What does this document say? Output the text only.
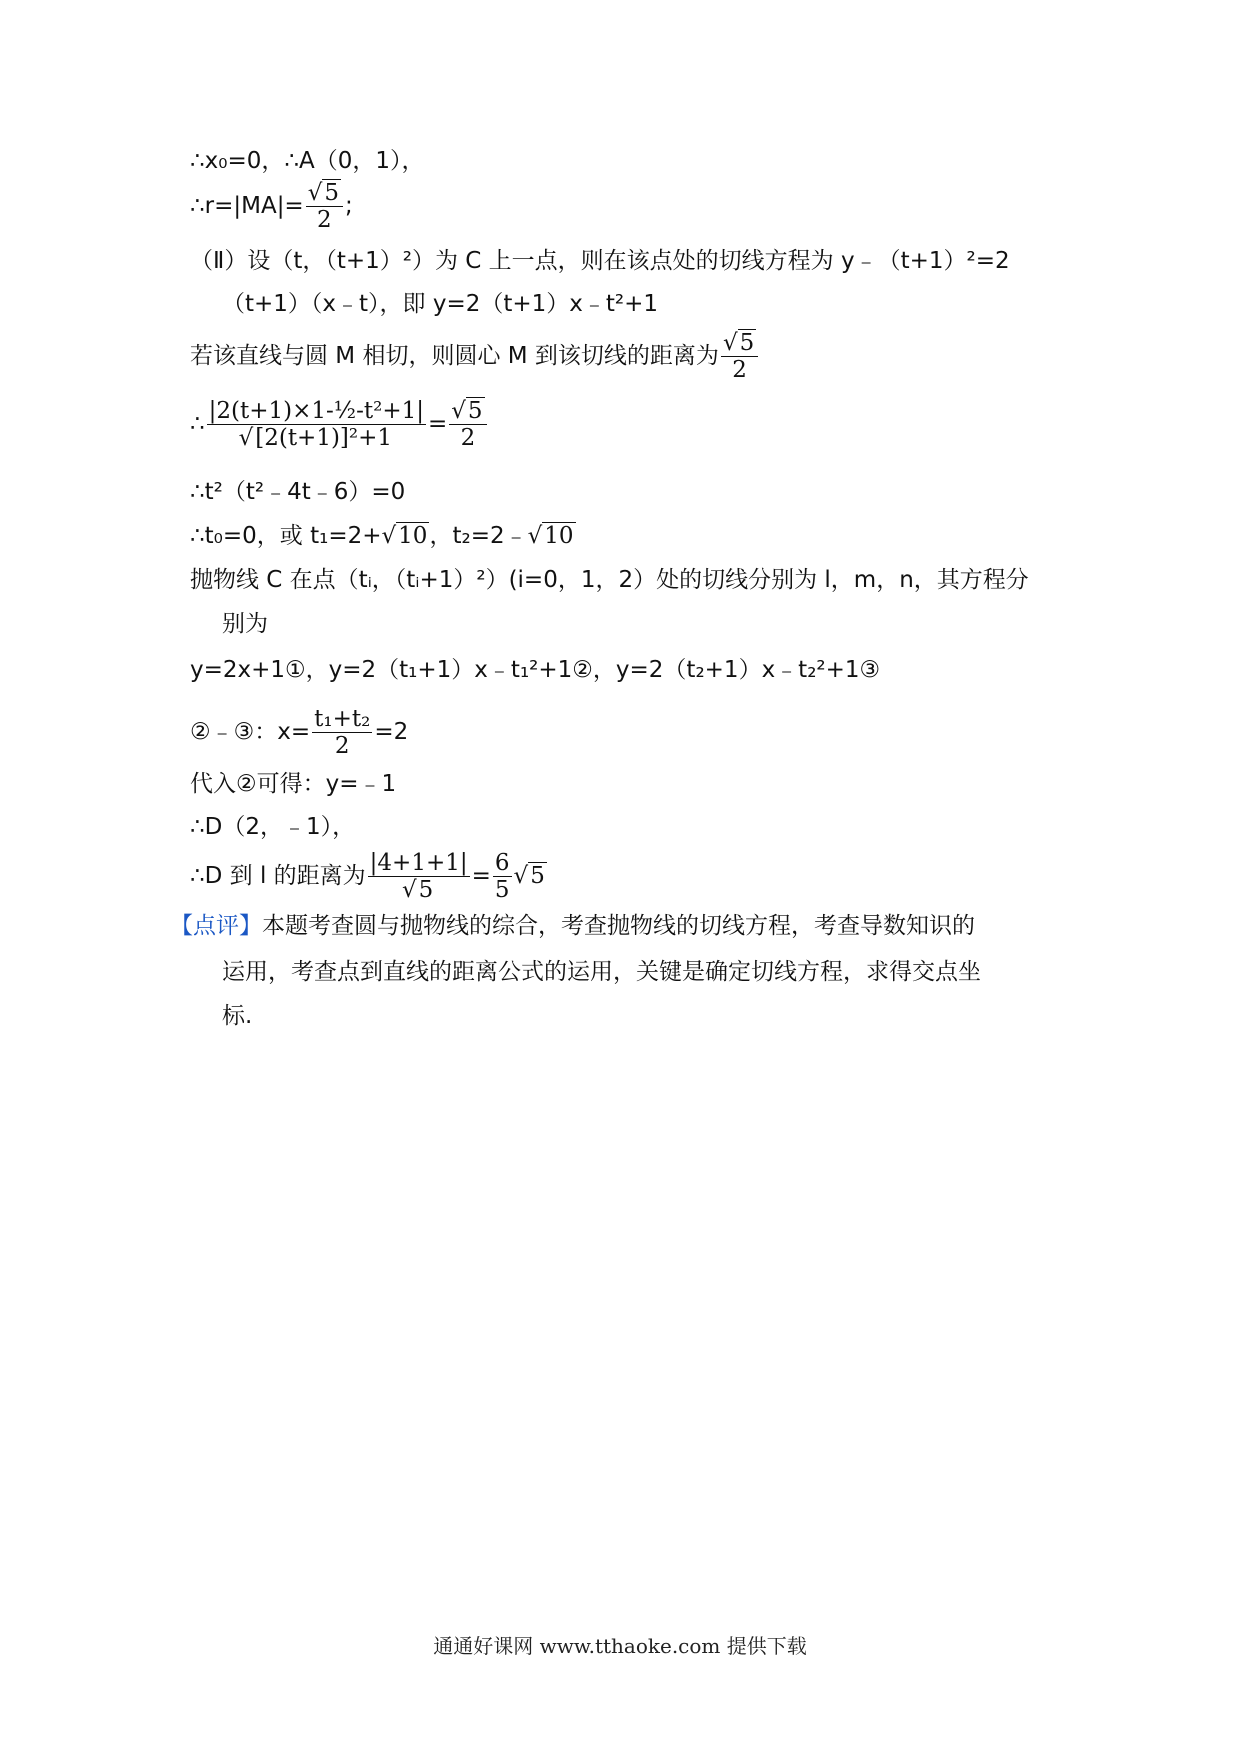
∴x₀=0，∴A（0，1），
∴r=|MA|= $\frac{√5}{2}$ ;
（Ⅱ）设（t，（t+1）²）为 C 上一点，则在该点处的切线方程为 y﹣（t+1）²=2
（t+1）（x﹣t），即 y=2（t+1）x﹣t²+1
若该直线与圆 M 相切，则圆心 M 到该切线的距离为 $\frac{√5}{2}$
∴ $\frac{\text{|2(t+1)×1-½-t²+1|}}{\text{√[2(t+1)]²+1}} = \frac{√5}{2}$
∴t²（t²﹣4t﹣6）=0
∴t₀=0，或 t₁=2+√10，t₂=2﹣√10
抛物线 C 在点（tᵢ，（tᵢ+1）²）(i=0，1，2）处的切线分别为 l，m，n，其方程分
别为
y=2x+1①，y=2（t₁+1）x﹣t₁²+1②，y=2（t₂+1）x﹣t₂²+1③
②﹣③：$x= \frac{\text{t₁+t₂}}{2} =2$
代入②可得：y=﹣1
∴D（2，﹣1），
∴D 到 l 的距离为 $\frac{|4+1+1|}{√5} = \frac{6}{5} √5$
【点评】本题考查圆与抛物线的综合，考查抛物线的切线方程，考查导数知识的
运用，考查点到直线的距离公式的运用，关键是确定切线方程，求得交点坐
标.
通通好课网 www.tthaoke.com 提供下载
